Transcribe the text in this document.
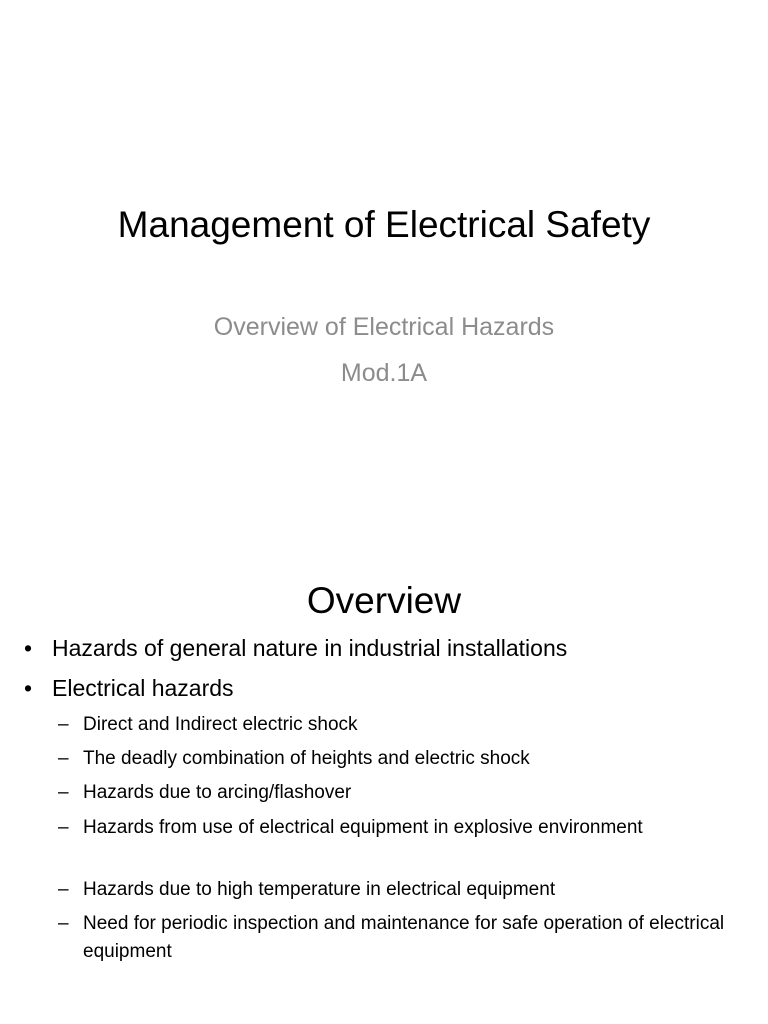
Management of Electrical Safety
Overview of Electrical Hazards
Mod.1A
Overview
• Hazards of general nature in industrial installations
• Electrical hazards
– Direct and Indirect electric shock
– The deadly combination of heights and electric shock
– Hazards due to arcing/flashover
– Hazards from use of electrical equipment in explosive environment
– Hazards due to high temperature in electrical equipment
– Need for periodic inspection and maintenance for safe operation of electrical equipment
